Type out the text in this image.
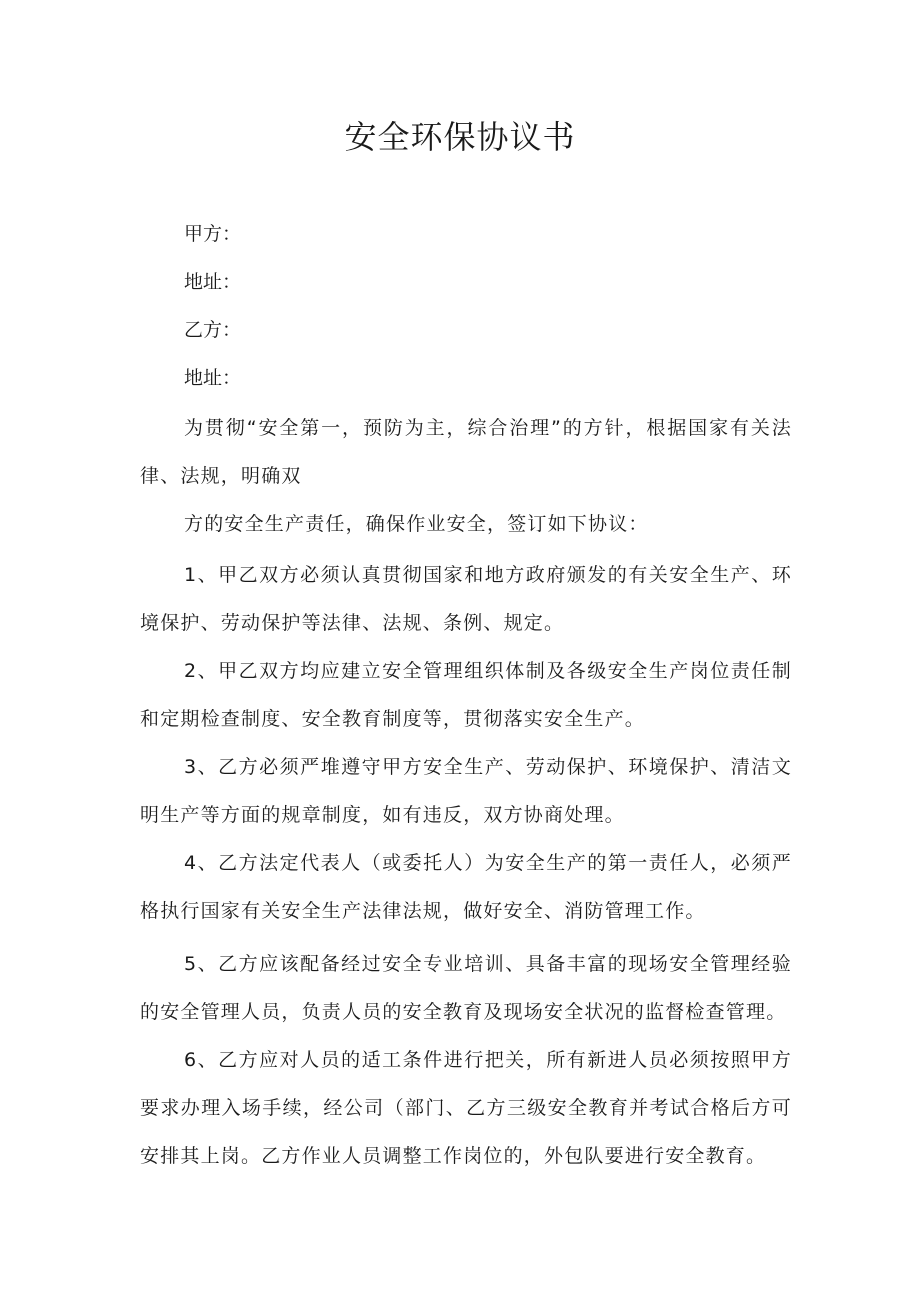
安全环保协议书

甲方：

地址：

乙方：

地址：

为贯彻“安全第一，预防为主，综合治理”的方针，根据国家有关法律、法规，明确双

方的安全生产责任，确保作业安全，签订如下协议：

1、甲乙双方必须认真贯彻国家和地方政府颁发的有关安全生产、环境保护、劳动保护等法律、法规、条例、规定。

2、甲乙双方均应建立安全管理组织体制及各级安全生产岗位责任制和定期检查制度、安全教育制度等，贯彻落实安全生产。

3、乙方必须严堆遵守甲方安全生产、劳动保护、环境保护、清洁文明生产等方面的规章制度，如有违反，双方协商处理。

4、乙方法定代表人（或委托人）为安全生产的第一责任人，必须严格执行国家有关安全生产法律法规，做好安全、消防管理工作。

5、乙方应该配备经过安全专业培训、具备丰富的现场安全管理经验的安全管理人员，负责人员的安全教育及现场安全状况的监督检查管理。

6、乙方应对人员的适工条件进行把关，所有新进人员必须按照甲方要求办理入场手续，经公司（部门、乙方三级安全教育并考试合格后方可安排其上岗。乙方作业人员调整工作岗位的，外包队要进行安全教育。
